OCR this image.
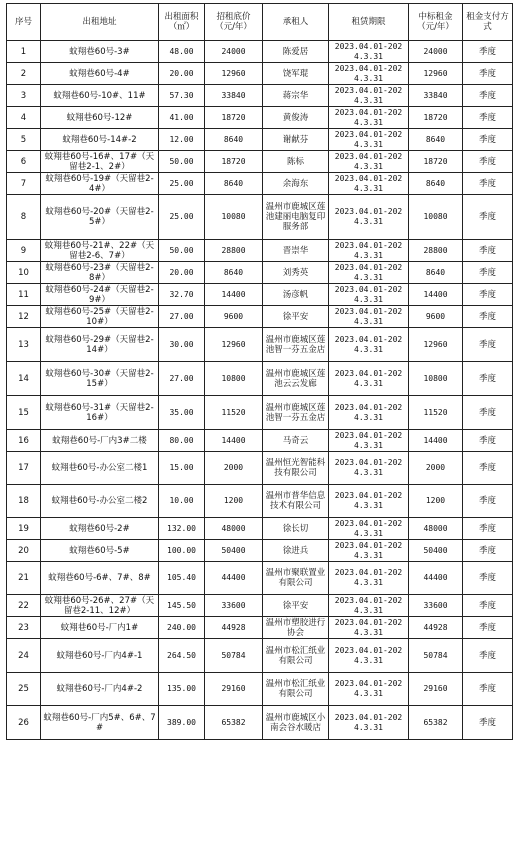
序号	出租地址	出租面积（㎡）	招租底价（元/年）	承租人	租赁期限	中标租金（元/年）	租金支付方式
1	蚊翔巷60号-3#	48.00	24000	陈爱居	2023.04.01-2024.3.31	24000	季度
2	蚊翔巷60号-4#	20.00	12960	饶军琨	2023.04.01-2024.3.31	12960	季度
3	蚊翔巷60号-10#、11#	57.30	33840	蒋宗华	2023.04.01-2024.3.31	33840	季度
4	蚊翔巷60号-12#	41.00	18720	黄俊涛	2023.04.01-2024.3.31	18720	季度
5	蚊翔巷60号-14#-2	12.00	8640	谢献芬	2023.04.01-2024.3.31	8640	季度
6	蚊翔巷60号-16#、17#（天留巷2-1、2#）	50.00	18720	陈标	2023.04.01-2024.3.31	18720	季度
7	蚊翔巷60号-19#（天留巷2-4#）	25.00	8640	余海东	2023.04.01-2024.3.31	8640	季度
8	蚊翔巷60号-20#（天留巷2-5#）	25.00	10080	温州市鹿城区莲池建丽电脑复印服务部	2023.04.01-2024.3.31	10080	季度
9	蚊翔巷60号-21#、22#（天留巷2-6、7#）	50.00	28800	晋崇华	2023.04.01-2024.3.31	28800	季度
10	蚊翔巷60号-23#（天留巷2-8#）	20.00	8640	刘秀英	2023.04.01-2024.3.31	8640	季度
11	蚊翔巷60号-24#（天留巷2-9#）	32.70	14400	汤彦帆	2023.04.01-2024.3.31	14400	季度
12	蚊翔巷60号-25#（天留巷2-10#）	27.00	9600	徐平安	2023.04.01-2024.3.31	9600	季度
13	蚊翔巷60号-29#（天留巷2-14#）	30.00	12960	温州市鹿城区莲池智一芬五金店	2023.04.01-2024.3.31	12960	季度
14	蚊翔巷60号-30#（天留巷2-15#）	27.00	10800	温州市鹿城区莲池云云发廊	2023.04.01-2024.3.31	10800	季度
15	蚊翔巷60号-31#（天留巷2-16#）	35.00	11520	温州市鹿城区莲池智一芬五金店	2023.04.01-2024.3.31	11520	季度
16	蚊翔巷60号-厂内3#二楼	80.00	14400	马奇云	2023.04.01-2024.3.31	14400	季度
17	蚊翔巷60号-办公室二楼1	15.00	2000	温州恒光智能科技有限公司	2023.04.01-2024.3.31	2000	季度
18	蚊翔巷60号-办公室二楼2	10.00	1200	温州市普华信息技术有限公司	2023.04.01-2024.3.31	1200	季度
19	蚊翔巷60号-2#	132.00	48000	徐长切	2023.04.01-2024.3.31	48000	季度
20	蚊翔巷60号-5#	100.00	50400	徐进兵	2023.04.01-2024.3.31	50400	季度
21	蚊翔巷60号-6#、7#、8#	105.40	44400	温州市聚联置业有限公司	2023.04.01-2024.3.31	44400	季度
22	蚊翔巷60号-26#、27#（天留巷2-11、12#）	145.50	33600	徐平安	2023.04.01-2024.3.31	33600	季度
23	蚊翔巷60号-厂内1#	240.00	44928	温州市塑胶进行协会	2023.04.01-2024.3.31	44928	季度
24	蚊翔巷60号-厂内4#-1	264.50	50784	温州市松汇纸业有限公司	2023.04.01-2024.3.31	50784	季度
25	蚊翔巷60号-厂内4#-2	135.00	29160	温州市松汇纸业有限公司	2023.04.01-2024.3.31	29160	季度
26	蚊翔巷60号-厂内5#、6#、7#	389.00	65382	温州市鹿城区小南会谷水暖店	2023.04.01-2024.3.31	65382	季度
